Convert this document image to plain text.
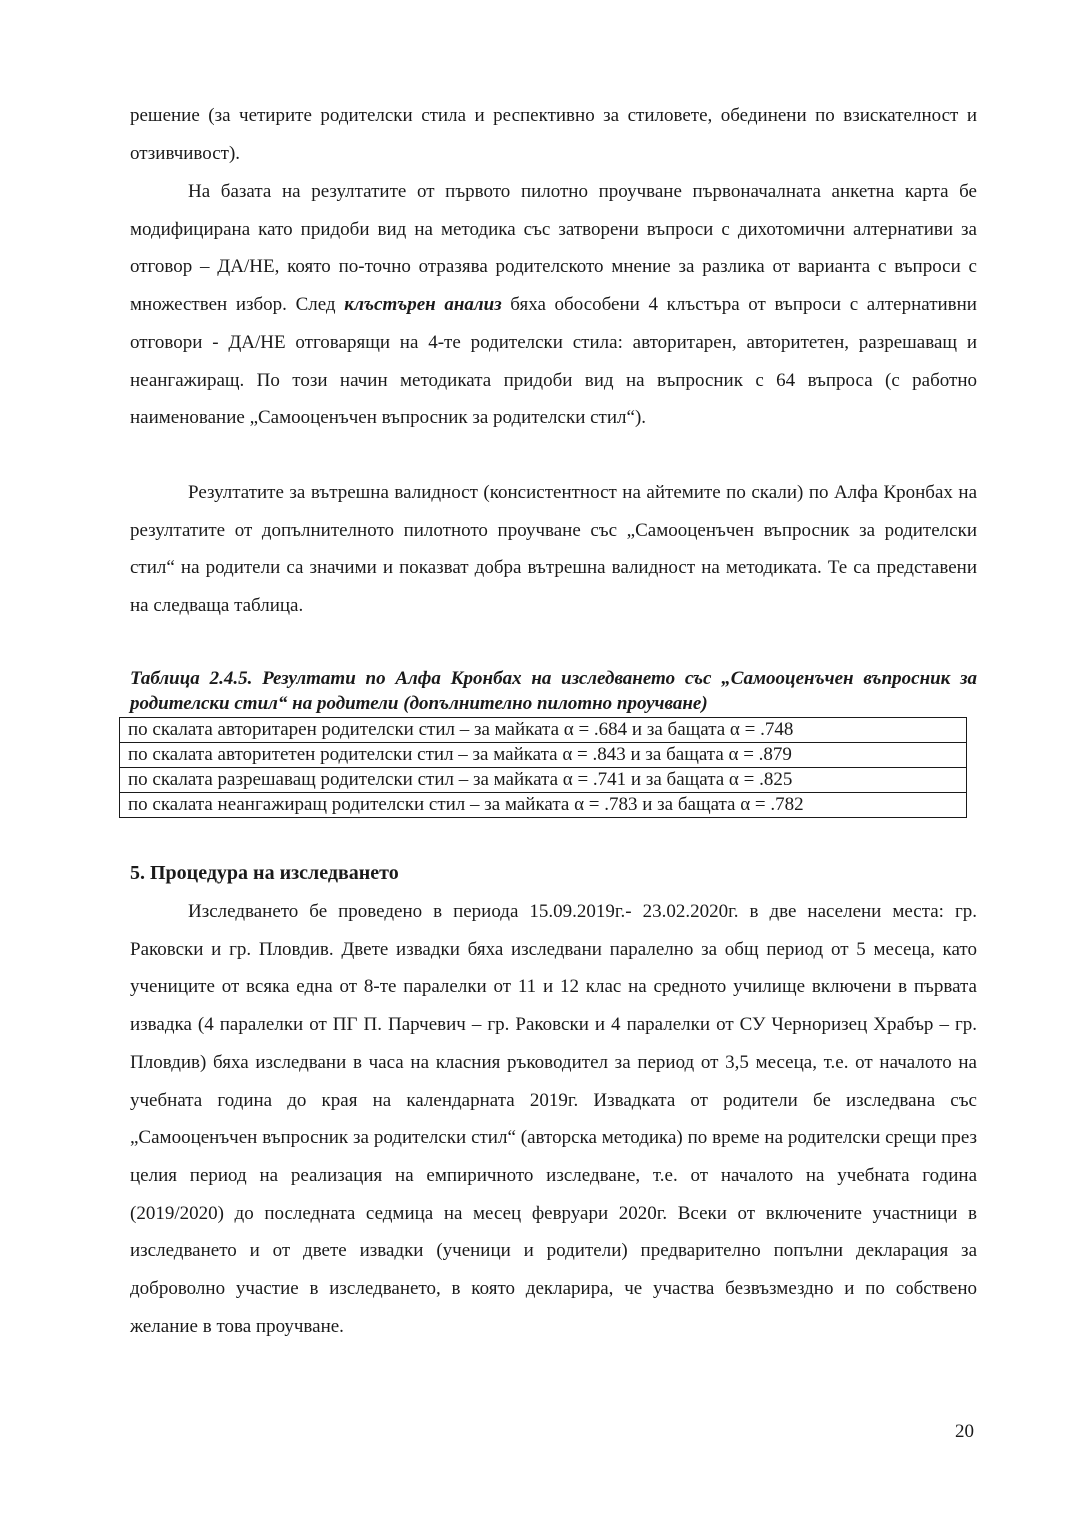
решение (за четирите родителски стила и респективно за стиловете, обединени по взискателност и отзивчивост).

На базата на резултатите от първото пилотно проучване първоначалната анкетна карта бе модифицирана като придоби вид на методика със затворени въпроси с дихотомични алтернативи за отговор – ДА/НЕ, която по-точно отразява родителското мнение за разлика от варианта с въпроси с множествен избор. След клъстърен анализ бяха обособени 4 клъстъра от въпроси с алтернативни отговори - ДА/НЕ отговарящи на 4-те родителски стила: авторитарен, авторитетен, разрешаващ и неангажиращ. По този начин методиката придоби вид на въпросник с 64 въпроса (с работно наименование „Самооценъчен въпросник за родителски стил“).

Резултатите за вътрешна валидност (консистентност на айтемите по скали) по Алфа Кронбах на резултатите от допълнителното пилотното проучване със „Самооценъчен въпросник за родителски стил“ на родители са значими и показват добра вътрешна валидност на методиката. Те са представени на следваща таблица.

Таблица 2.4.5. Резултати по Алфа Кронбах на изследването със „Самооценъчен въпросник за родителски стил“ на родители (допълнително пилотно проучване)

по скалата авторитарен родителски стил – за майката α = .684 и за бащата α = .748
по скалата авторитетен родителски стил – за майката α = .843 и за бащата α = .879
по скалата разрешаващ родителски стил – за майката α = .741 и за бащата α = .825
по скалата неангажиращ родителски стил – за майката α = .783 и за бащата α = .782
5. Процедура на изследването

Изследването бе проведено в периода 15.09.2019г.- 23.02.2020г. в две населени места: гр. Раковски и гр. Пловдив. Двете извадки бяха изследвани паралелно за общ период от 5 месеца, като учениците от всяка една от 8-те паралелки от 11 и 12 клас на средното училище включени в първата извадка (4 паралелки от ПГ П. Парчевич – гр. Раковски и 4 паралелки от СУ Черноризец Храбър – гр. Пловдив) бяха изследвани в часа на класния ръководител за период от 3,5 месеца, т.е. от началото на учебната година до края на календарната 2019г. Извадката от родители бе изследвана със „Самооценъчен въпросник за родителски стил“ (авторска методика) по време на родителски срещи през целия период на реализация на емпиричното изследване, т.е. от началото на учебната година (2019/2020) до последната седмица на месец февруари 2020г. Всеки от включените участници в изследването и от двете извадки (ученици и родители) предварително попълни декларация за доброволно участие в изследването, в която декларира, че участва безвъзмездно и по собствено желание в това проучване.

20
